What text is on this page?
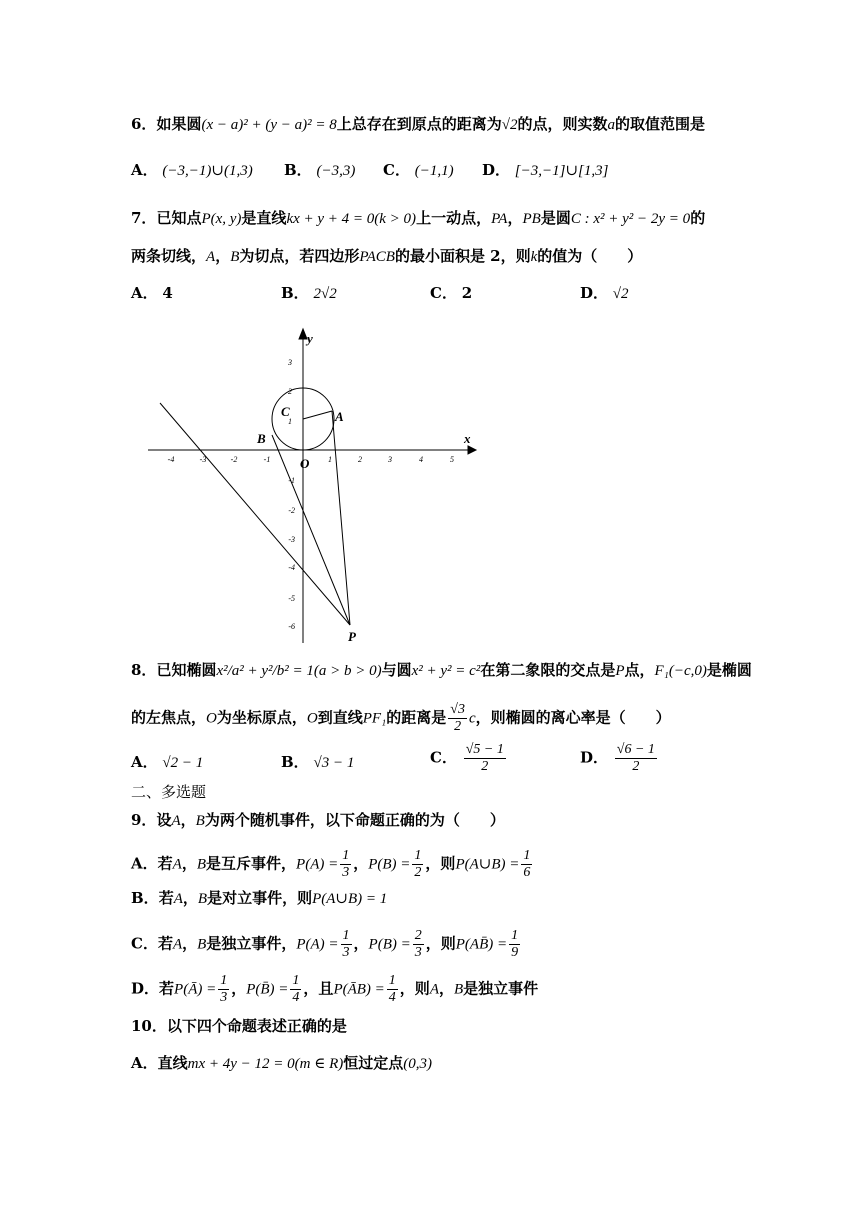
6．如果圆(x − a)² + (y − a)² = 8上总存在到原点的距离为√2的点，则实数a的取值范围是
A． (−3,−1)∪(1,3) B． (−3,3) C． (−1,1) D． [−3,−1]∪[1,3]
7．已知点P(x, y)是直线kx + y + 4 = 0(k > 0)上一动点，PA，PB是圆C : x² + y² − 2y = 0的
两条切线，A，B为切点，若四边形PACB的最小面积是 2，则k的值为（　　）
A． 4	B． 2√2	C． 2	D． √2
-4	-3	-2	-1	1	2	3	4	5
3
2
1
-1
-2
-3
-4
-5
-6
x
y
O
C	A
B
P
8．已知椭圆x²/a² + y²/b² = 1(a > b > 0)与圆x² + y² = c²在第二象限的交点是P点，F₁(−c,0)是椭圆
的左焦点，O为坐标原点，O到直线PF₁的距离是 $\frac{√3}{2}$ c，则椭圆的离心率是（　　）
A． √2 − 1	B． √3 − 1	C． $\frac{√5 - 1}{2}$	D． $\frac{√6 - 1}{2}$
二、多选题
9．设A，B为两个随机事件，以下命题正确的为（　　）
A．若A，B是互斥事件，$P(A) = \frac{1}{3}$ ，$P(B) = \frac{1}{2}$ ，则P(A∪B) = $\frac{1}{6}$
B．若A，B是对立事件，则P(A∪B) = 1
C．若A，B是独立事件，$P(A) = \frac{1}{3}$ ，$P(B) = \frac{2}{3}$ ，则P(AB̄) = $\frac{1}{9}$
D．若P(Ā) = $\frac{1}{3}$ ，P(B̄) = $\frac{1}{4}$ ，且P(ĀB) = $\frac{1}{4}$ ，则A，B是独立事件
10．以下四个命题表述正确的是
A．直线mx + 4y − 12 = 0(m ∈ R)恒过定点(0,3)
